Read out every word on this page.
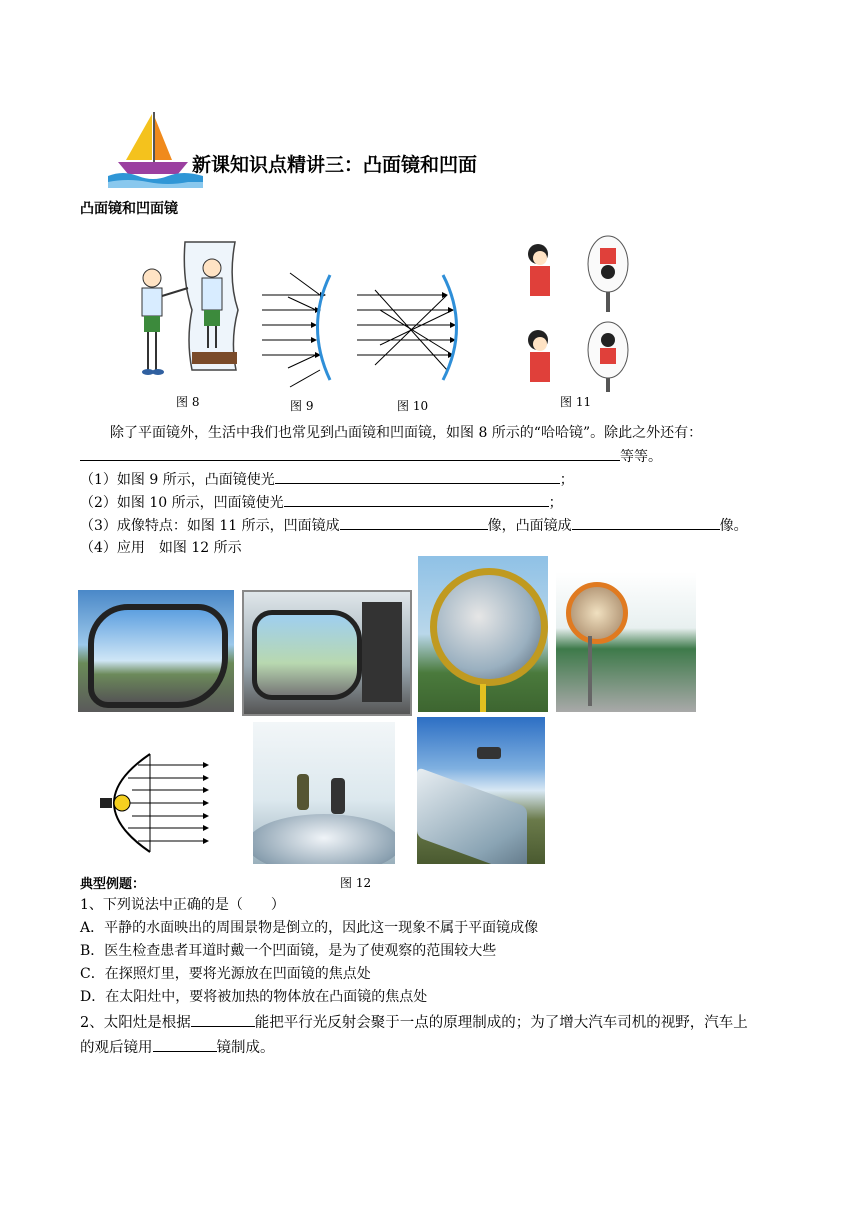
新课知识点精讲三：凸面镜和凹面
凸面镜和凹面镜
图 8	图 9	图 10	图 11
除了平面镜外，生活中我们也常见到凸面镜和凹面镜，如图 8 所示的“哈哈镜”。除此之外还有：
等等。
（1）如图 9 所示，凸面镜使光	；
（2）如图 10 所示，凹面镜使光	；
（3）成像特点：如图 11 所示，凹面镜成	像，凸面镜成	像。
（4）应用　如图 12 所示
典型例题：	图 12
1、下列说法中正确的是（　　）
A．平静的水面映出的周围景物是倒立的，因此这一现象不属于平面镜成像
B．医生检查患者耳道时戴一个凹面镜，是为了使观察的范围较大些
C．在探照灯里，要将光源放在凹面镜的焦点处
D．在太阳灶中，要将被加热的物体放在凸面镜的焦点处
2、太阳灶是根据	能把平行光反射会聚于一点的原理制成的；为了增大汽车司机的视野，汽车上
的观后镜用	镜制成。
